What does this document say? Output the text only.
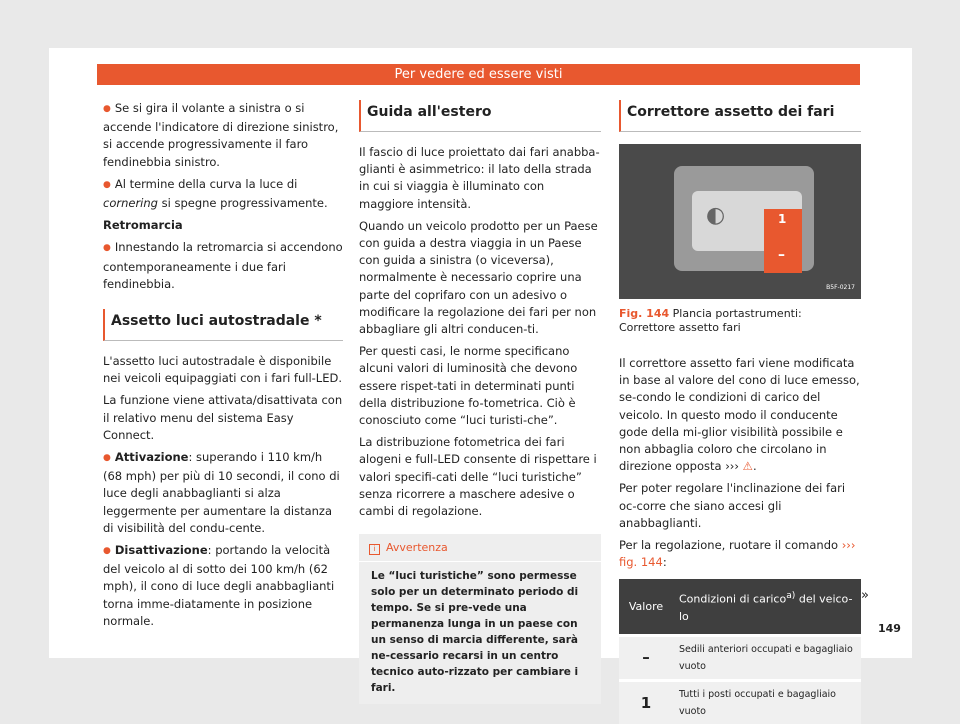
Per vedere ed essere visti

● Se si gira il volante a sinistra o si accende l'indicatore di direzione sinistro, si accende progressivamente il faro fendinebbia sinistro.

● Al termine della curva la luce di cornering si spegne progressivamente.

Retromarcia

● Innestando la retromarcia si accendono contemporaneamente i due fari fendinebbia.

Assetto luci autostradale *

L'assetto luci autostradale è disponibile nei veicoli equipaggiati con i fari full-LED.

La funzione viene attivata/disattivata con il relativo menu del sistema Easy Connect.

● Attivazione: superando i 110 km/h (68 mph) per più di 10 secondi, il cono di luce degli anabbaglianti si alza leggermente per aumentare la distanza di visibilità del condu-cente.

● Disattivazione: portando la velocità del veicolo al di sotto dei 100 km/h (62 mph), il cono di luce degli anabbaglianti torna imme-diatamente in posizione normale.

Guida all'estero

Il fascio di luce proiettato dai fari anabba-glianti è asimmetrico: il lato della strada in cui si viaggia è illuminato con maggiore intensità.

Quando un veicolo prodotto per un Paese con guida a destra viaggia in un Paese con guida a sinistra (o viceversa), normalmente è necessario coprire una parte del coprifaro con un adesivo o modificare la regolazione dei fari per non abbagliare gli altri conducen-ti.

Per questi casi, le norme specificano alcuni valori di luminosità che devono essere rispet-tati in determinati punti della distribuzione fo-tometrica. Ciò è conosciuto come “luci turisti-che”.

La distribuzione fotometrica dei fari alogeni e full-LED consente di rispettare i valori specifi-cati delle “luci turistiche” senza ricorrere a maschere adesive o cambi di regolazione.

i Avvertenza
Le “luci turistiche” sono permesse solo per un determinato periodo di tempo. Se si pre-vede una permanenza lunga in un paese con un senso di marcia differente, sarà ne-cessario recarsi in un centro tecnico auto-rizzato per cambiare i fari.
Correttore assetto dei fari
◐	1
–
B5F-0217
Fig. 144 Plancia portastrumenti: Correttore assetto fari

Il correttore assetto fari viene modificata in base al valore del cono di luce emesso, se-condo le condizioni di carico del veicolo. In questo modo il conducente gode della mi-glior visibilità possibile e non abbaglia coloro che circolano in direzione opposta ››› ⚠.

Per poter regolare l'inclinazione dei fari oc-corre che siano accesi gli anabbaglianti.

Per la regolazione, ruotare il comando ››› fig. 144:

Valore	Condizioni di carico$^{a)}$ del veico-lo
–	Sedili anteriori occupati e bagagliaio vuoto
1	Tutti i posti occupati e bagagliaio vuoto
»
149
